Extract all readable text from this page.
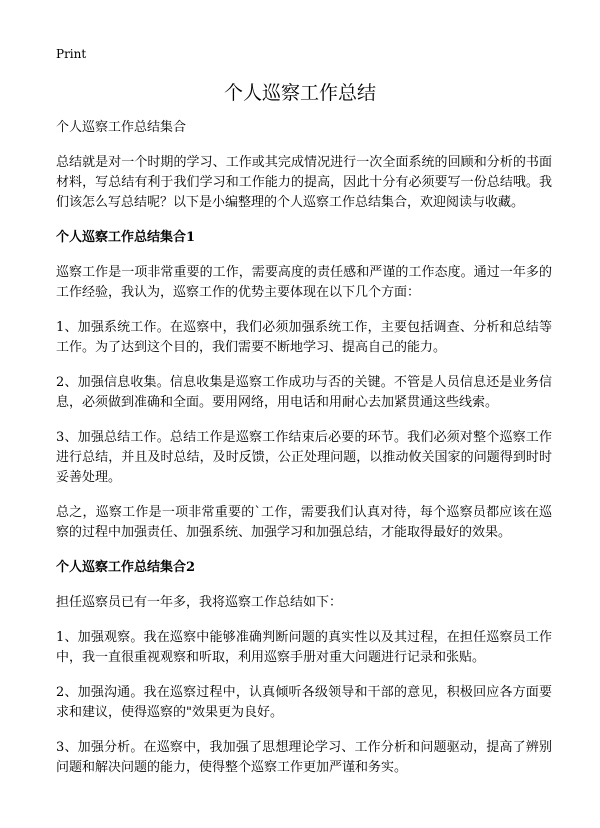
Print
个人巡察工作总结

个人巡察工作总结集合

总结就是对一个时期的学习、工作或其完成情况进行一次全面系统的回顾和分析的书面材料，写总结有利于我们学习和工作能力的提高，因此十分有必须要写一份总结哦。我们该怎么写总结呢？以下是小编整理的个人巡察工作总结集合，欢迎阅读与收藏。

个人巡察工作总结集合1

巡察工作是一项非常重要的工作，需要高度的责任感和严谨的工作态度。通过一年多的工作经验，我认为，巡察工作的优势主要体现在以下几个方面：

1、加强系统工作。在巡察中，我们必须加强系统工作，主要包括调查、分析和总结等工作。为了达到这个目的，我们需要不断地学习、提高自己的能力。

2、加强信息收集。信息收集是巡察工作成功与否的关键。不管是人员信息还是业务信息，必须做到准确和全面。要用网络，用电话和用耐心去加紧贯通这些线索。

3、加强总结工作。总结工作是巡察工作结束后必要的环节。我们必须对整个巡察工作进行总结，并且及时总结，及时反馈，公正处理问题，以推动攸关国家的问题得到时时妥善处理。

总之，巡察工作是一项非常重要的`工作，需要我们认真对待，每个巡察员都应该在巡察的过程中加强责任、加强系统、加强学习和加强总结，才能取得最好的效果。

个人巡察工作总结集合2

担任巡察员已有一年多，我将巡察工作总结如下：

1、加强观察。我在巡察中能够准确判断问题的真实性以及其过程，在担任巡察员工作中，我一直很重视观察和听取，利用巡察手册对重大问题进行记录和张贴。

2、加强沟通。我在巡察过程中，认真倾听各级领导和干部的意见，积极回应各方面要求和建议，使得巡察的"效果更为良好。

3、加强分析。在巡察中，我加强了思想理论学习、工作分析和问题驱动，提高了辨别问题和解决问题的能力，使得整个巡察工作更加严谨和务实。
